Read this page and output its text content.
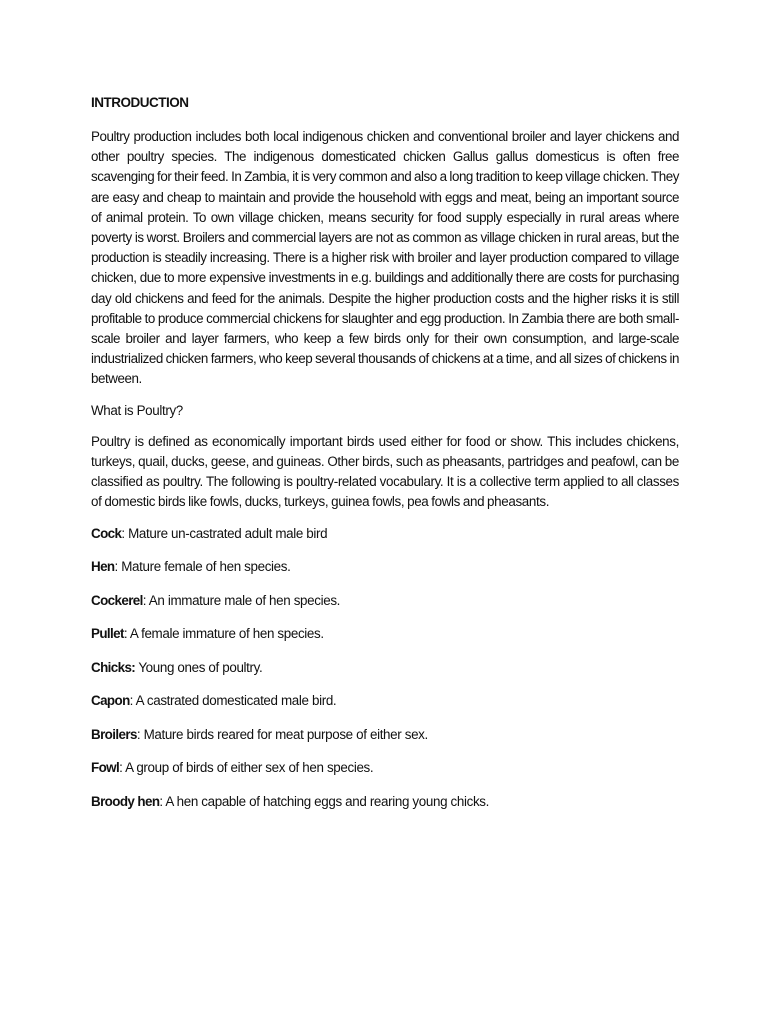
INTRODUCTION

Poultry production includes both local indigenous chicken and conventional broiler and layer chickens and other poultry species. The indigenous domesticated chicken Gallus gallus domesticus is often free scavenging for their feed. In Zambia, it is very common and also a long tradition to keep village chicken. They are easy and cheap to maintain and provide the household with eggs and meat, being an important source of animal protein. To own village chicken, means security for food supply especially in rural areas where poverty is worst. Broilers and commercial layers are not as common as village chicken in rural areas, but the production is steadily increasing. There is a higher risk with broiler and layer production compared to village chicken, due to more expensive investments in e.g. buildings and additionally there are costs for purchasing day old chickens and feed for the animals. Despite the higher production costs and the higher risks it is still profitable to produce commercial chickens for slaughter and egg production. In Zambia there are both small-scale broiler and layer farmers, who keep a few birds only for their own consumption, and large-scale industrialized chicken farmers, who keep several thousands of chickens at a time, and all sizes of chickens in between.

What is Poultry?

Poultry is defined as economically important birds used either for food or show. This includes chickens, turkeys, quail, ducks, geese, and guineas. Other birds, such as pheasants, partridges and peafowl, can be classified as poultry. The following is poultry-related vocabulary. It is a collective term applied to all classes of domestic birds like fowls, ducks, turkeys, guinea fowls, pea fowls and pheasants.

Cock: Mature un-castrated adult male bird
Hen: Mature female of hen species.
Cockerel: An immature male of hen species.
Pullet: A female immature of hen species.
Chicks: Young ones of poultry.
Capon: A castrated domesticated male bird.
Broilers: Mature birds reared for meat purpose of either sex.
Fowl: A group of birds of either sex of hen species.
Broody hen: A hen capable of hatching eggs and rearing young chicks.
